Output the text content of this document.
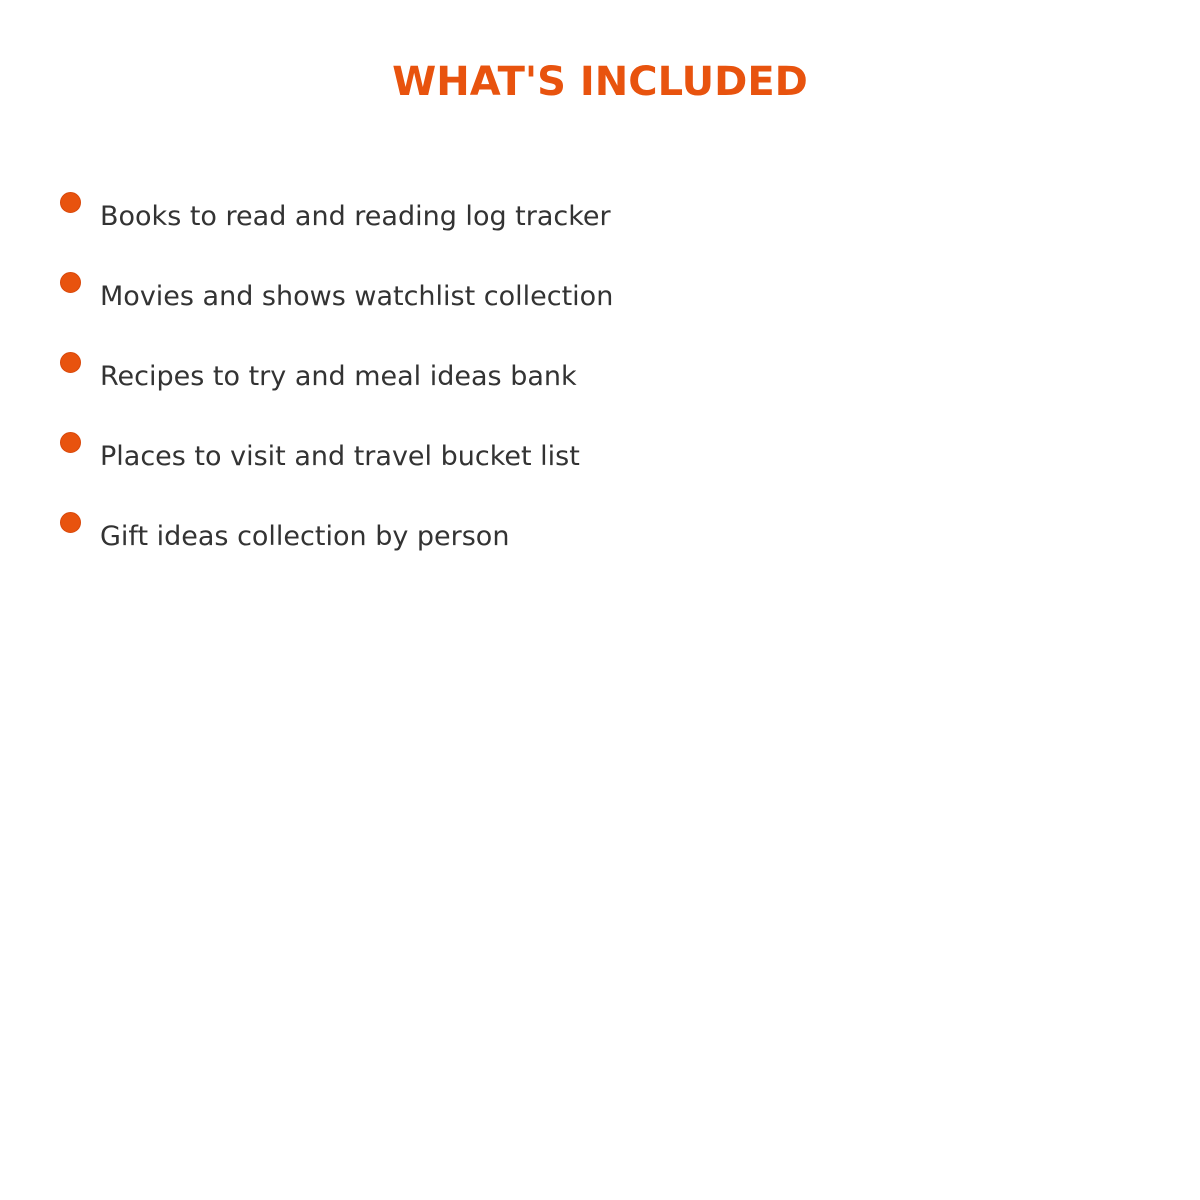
WHAT'S INCLUDED
Books to read and reading log tracker
Movies and shows watchlist collection
Recipes to try and meal ideas bank
Places to visit and travel bucket list
Gift ideas collection by person
